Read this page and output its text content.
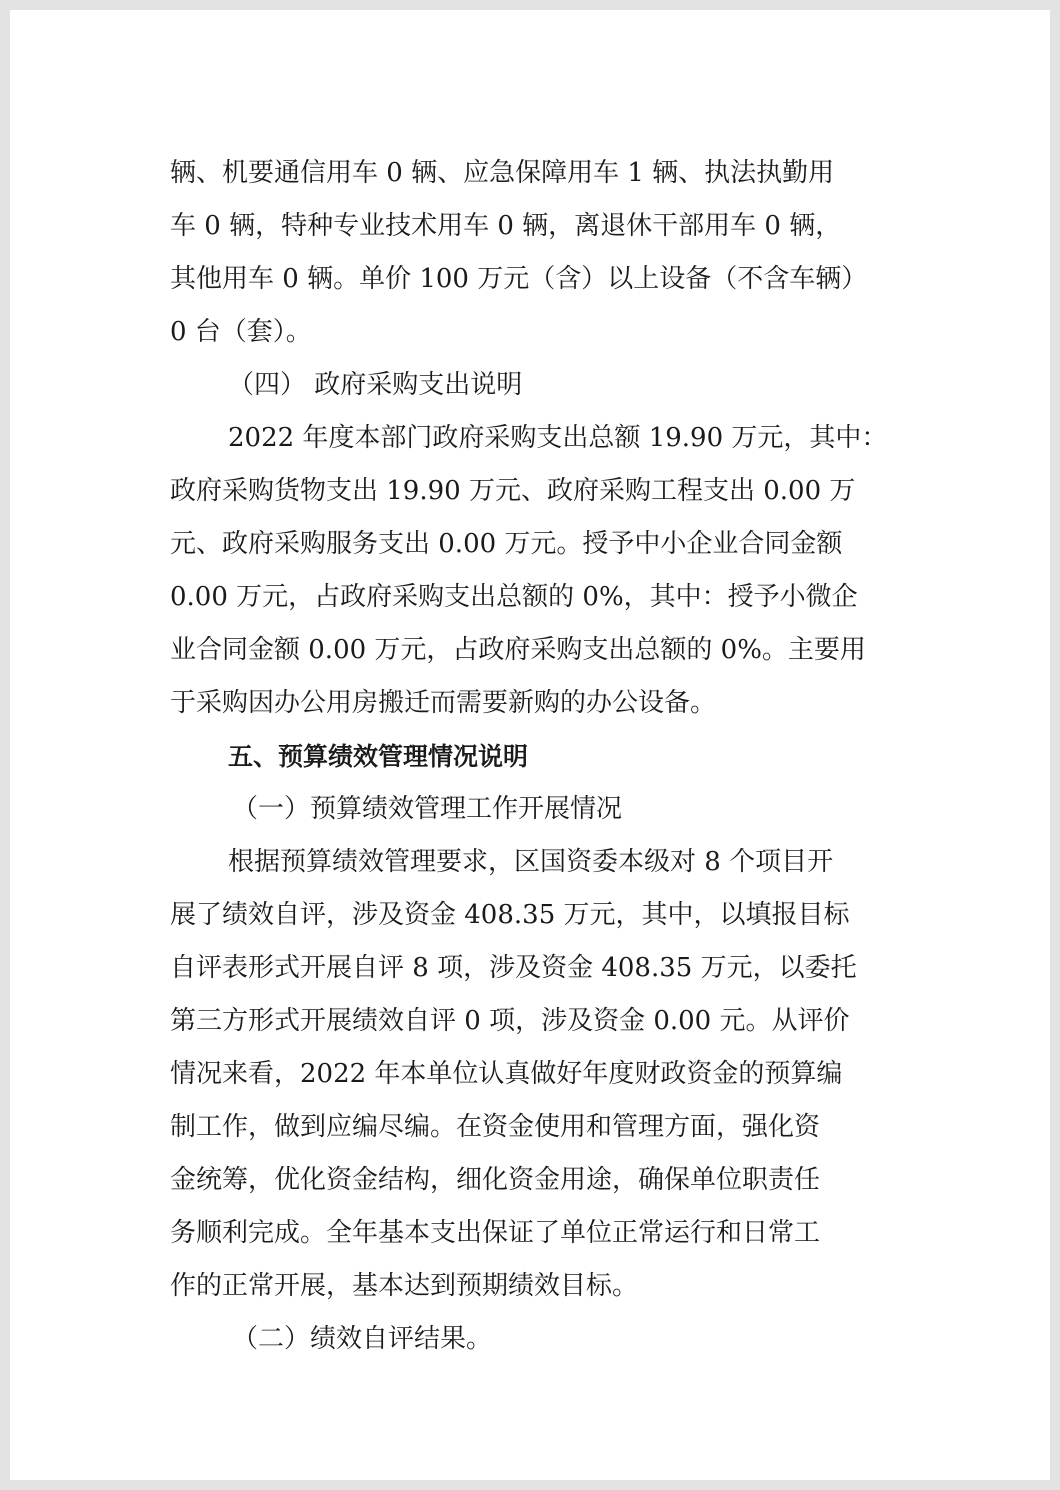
辆、机要通信用车 0 辆、应急保障用车 1 辆、执法执勤用
车 0 辆，特种专业技术用车 0 辆，离退休干部用车 0 辆，
其他用车 0 辆。单价 100 万元（含）以上设备（不含车辆）
0 台（套）。
（四） 政府采购支出说明
2022 年度本部门政府采购支出总额 19.90 万元，其中：
政府采购货物支出 19.90 万元、政府采购工程支出 0.00 万
元、政府采购服务支出 0.00 万元。授予中小企业合同金额
0.00 万元，占政府采购支出总额的 0%，其中：授予小微企
业合同金额 0.00 万元，占政府采购支出总额的 0%。主要用
于采购因办公用房搬迁而需要新购的办公设备。
五、预算绩效管理情况说明
（一）预算绩效管理工作开展情况
根据预算绩效管理要求，区国资委本级对 8 个项目开
展了绩效自评，涉及资金 408.35 万元，其中，以填报目标
自评表形式开展自评 8 项，涉及资金 408.35 万元，以委托
第三方形式开展绩效自评 0 项，涉及资金 0.00 元。从评价
情况来看，2022 年本单位认真做好年度财政资金的预算编
制工作，做到应编尽编。在资金使用和管理方面，强化资
金统筹，优化资金结构，细化资金用途，确保单位职责任
务顺利完成。全年基本支出保证了单位正常运行和日常工
作的正常开展，基本达到预期绩效目标。
（二）绩效自评结果。
